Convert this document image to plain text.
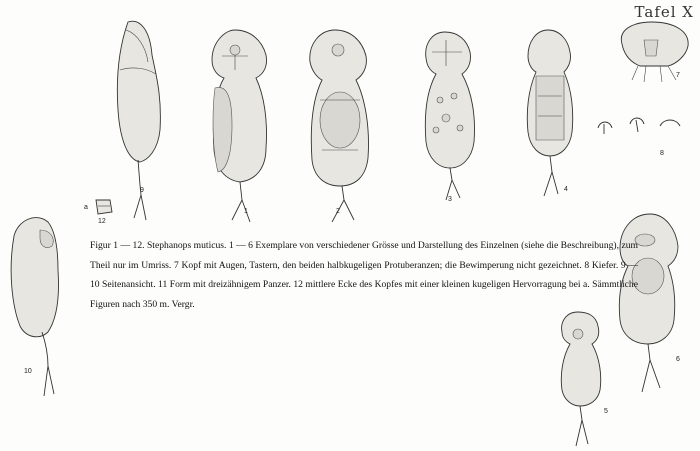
Tafel X
9
1	2
3
4
7
8
12
a
10
6
5

Figur 1 — 12. Stephanops muticus. 1 — 6 Exemplare von verschiedener Grösse und Darstellung des Einzelnen (siehe die Beschreibung), zum Theil nur im Umriss. 7 Kopf mit Augen, Tastern, den beiden halbkugeligen Protuberanzen; die Bewimperung nicht gezeichnet. 8 Kiefer. 9 — 10 Seitenansicht. 11 Form mit dreizähnigem Panzer. 12 mittlere Ecke des Kopfes mit einer kleinen kugeligen Hervorragung bei a. Sämmtliche Figuren nach 350 m. Vergr.
